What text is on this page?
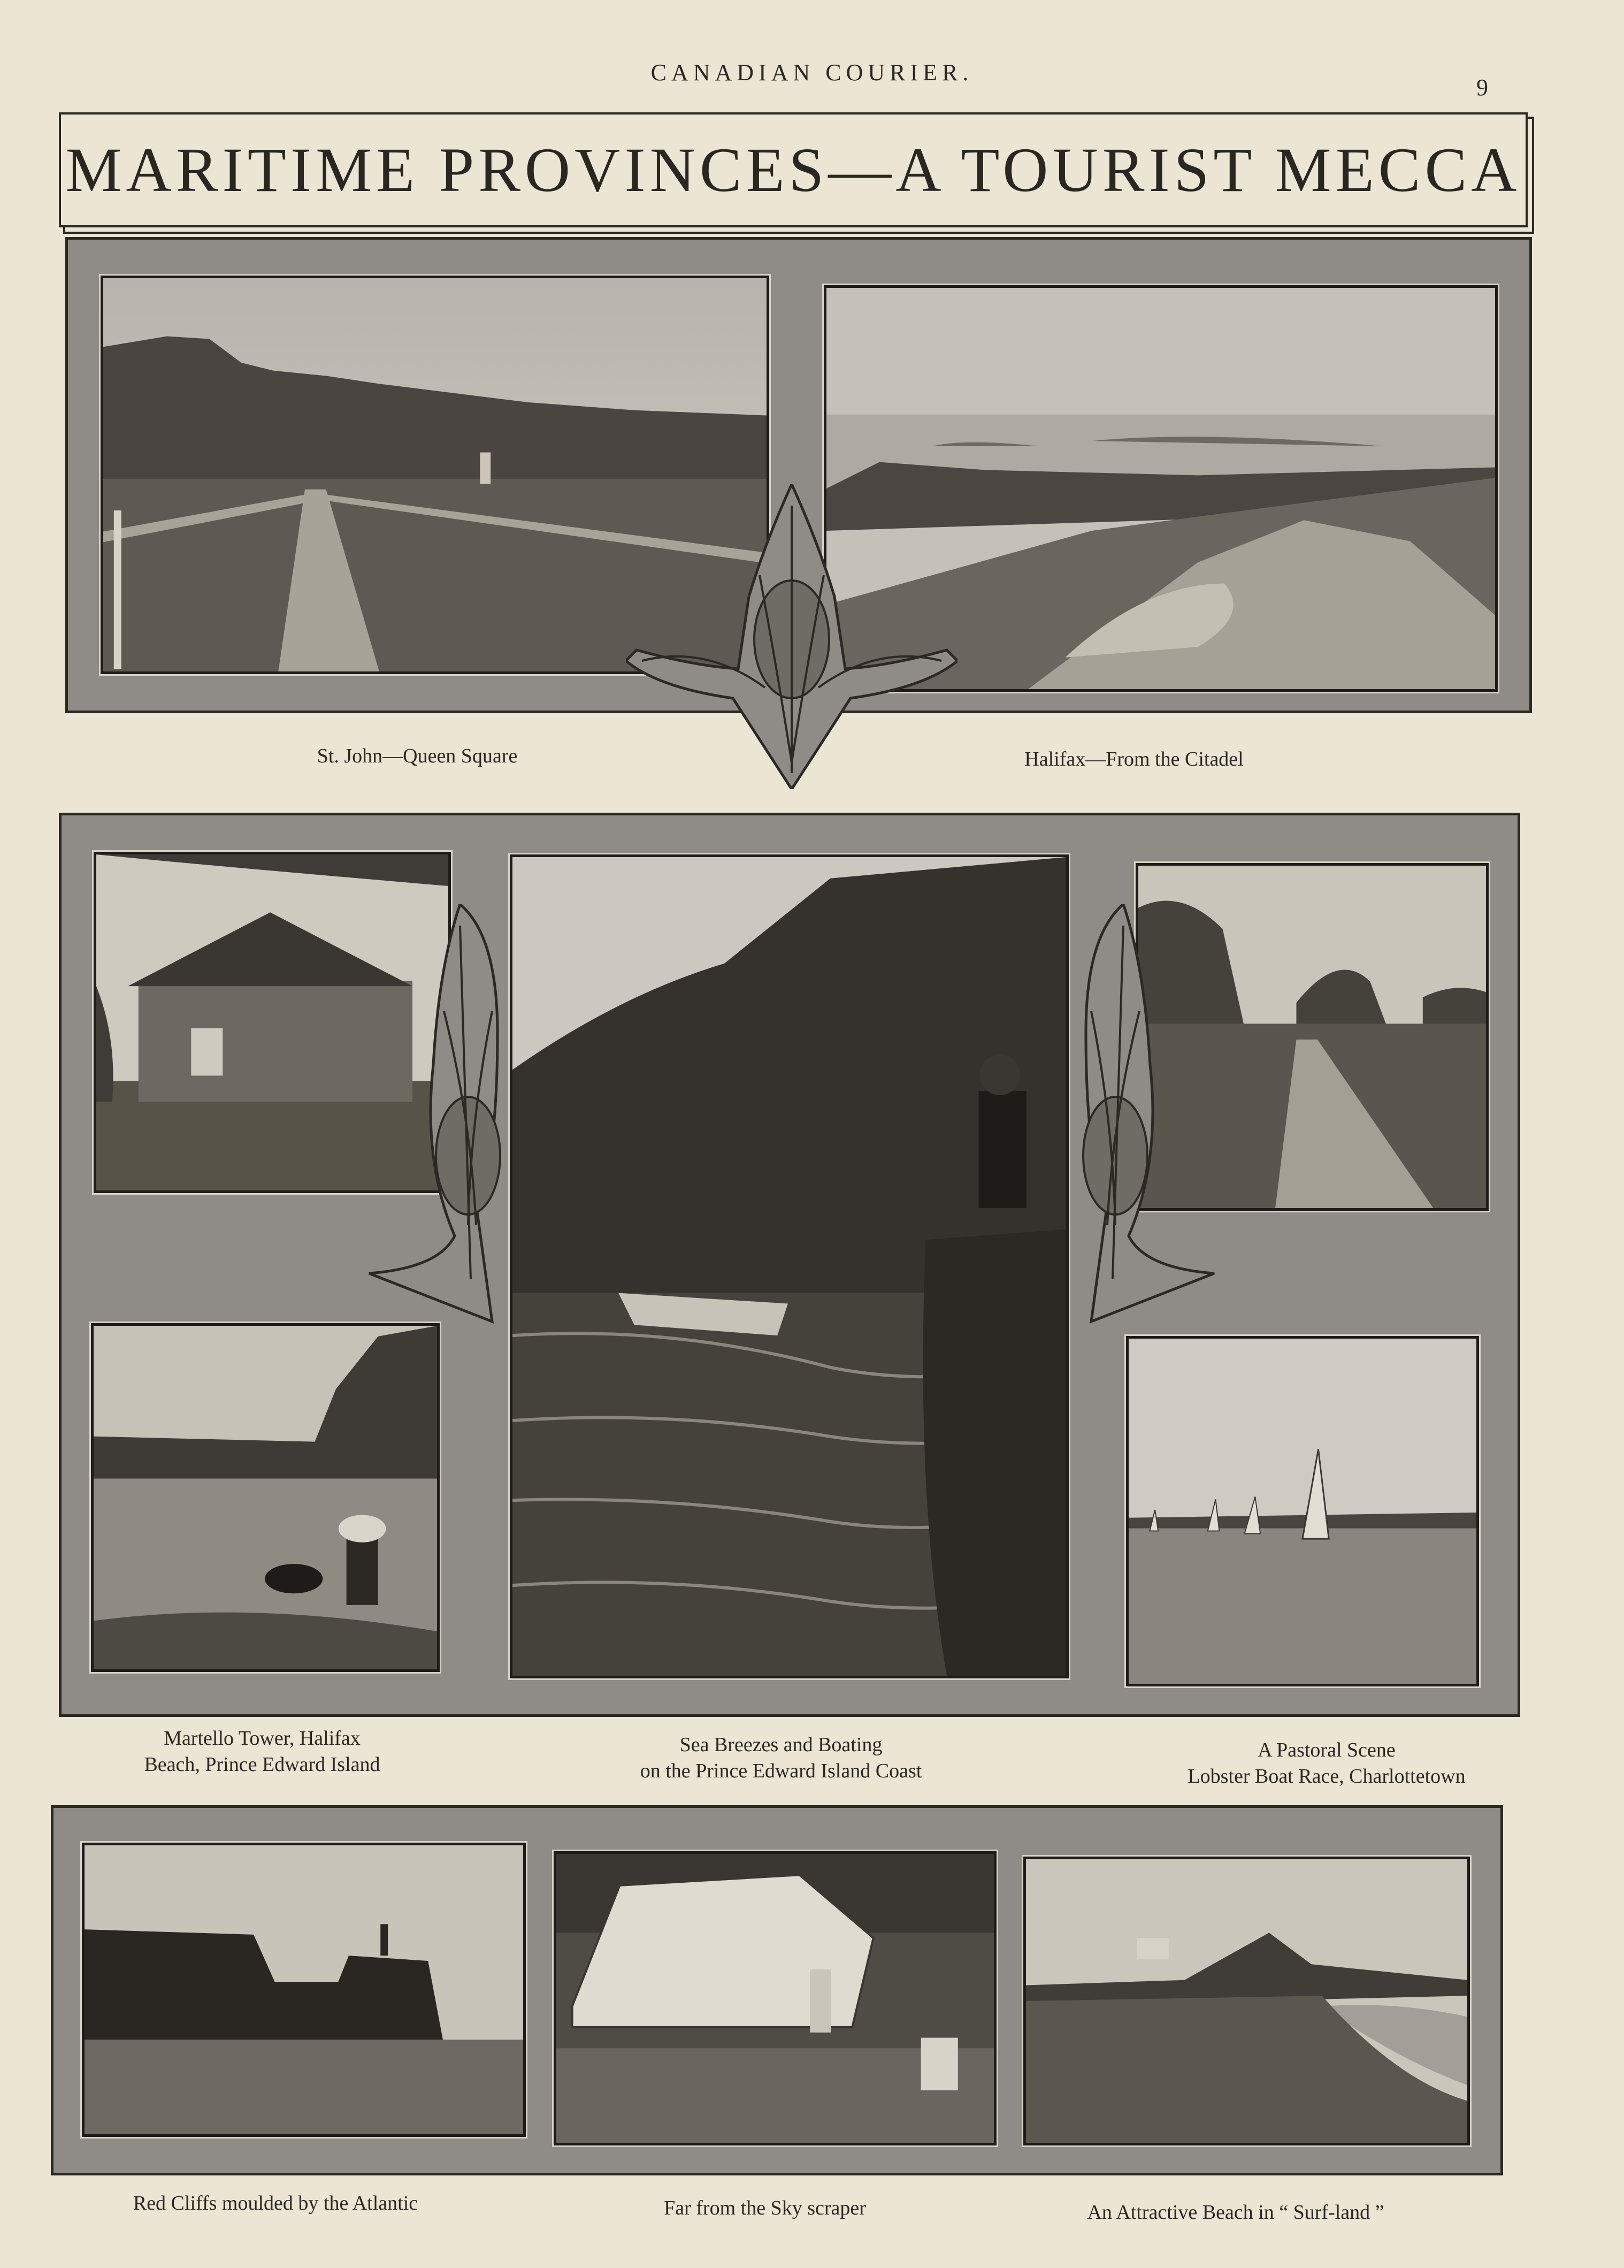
CANADIAN COURIER.
9
MARITIME PROVINCES—A TOURIST MECCA
St. John—Queen Square	Halifax—From the Citadel
Martello Tower, Halifax
Beach, Prince Edward Island
Sea Breezes and Boating
on the Prince Edward Island Coast
A Pastoral Scene
Lobster Boat Race, Charlottetown
Red Cliffs moulded by the Atlantic	Far from the Sky scraper	An Attractive Beach in “ Surf-land ”
